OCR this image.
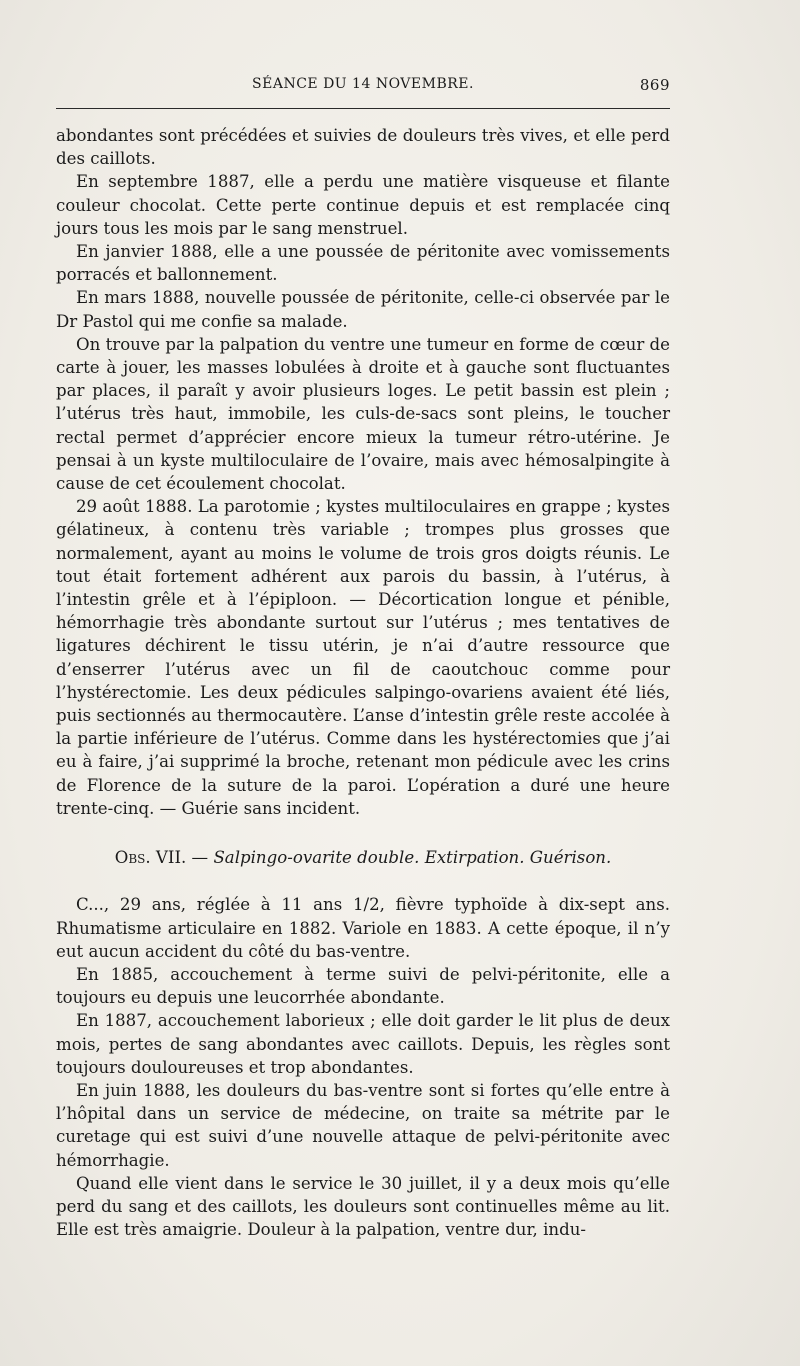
SÉANCE DU 14 NOVEMBRE.	869

abondantes sont précédées et suivies de douleurs très vives, et elle perd des caillots.

En septembre 1887, elle a perdu une matière visqueuse et filante couleur chocolat. Cette perte continue depuis et est remplacée cinq jours tous les mois par le sang menstruel.

En janvier 1888, elle a une poussée de péritonite avec vomissements porracés et ballonnement.

En mars 1888, nouvelle poussée de péritonite, celle-ci observée par le Dr Pastol qui me confie sa malade.

On trouve par la palpation du ventre une tumeur en forme de cœur de carte à jouer, les masses lobulées à droite et à gauche sont fluctuantes par places, il paraît y avoir plusieurs loges. Le petit bassin est plein ; l’utérus très haut, immobile, les culs-de-sacs sont pleins, le toucher rectal permet d’apprécier encore mieux la tumeur rétro-utérine. Je pensai à un kyste multiloculaire de l’ovaire, mais avec hémosalpingite à cause de cet écoulement chocolat.

29 août 1888. La parotomie ; kystes multiloculaires en grappe ; kystes gélatineux, à contenu très variable ; trompes plus grosses que normalement, ayant au moins le volume de trois gros doigts réunis. Le tout était fortement adhérent aux parois du bassin, à l’utérus, à l’intestin grêle et à l’épiploon. — Décortication longue et pénible, hémorrhagie très abondante surtout sur l’utérus ; mes tentatives de ligatures déchirent le tissu utérin, je n’ai d’autre ressource que d’enserrer l’utérus avec un fil de caoutchouc comme pour l’hystérectomie. Les deux pédicules salpingo-ovariens avaient été liés, puis sectionnés au thermocautère. L’anse d’intestin grêle reste accolée à la partie inférieure de l’utérus. Comme dans les hystérectomies que j’ai eu à faire, j’ai supprimé la broche, retenant mon pédicule avec les crins de Florence de la suture de la paroi. L’opération a duré une heure trente-cinq. — Guérie sans incident.

Obs. VII. — Salpingo-ovarite double. Extirpation. Guérison.

C..., 29 ans, réglée à 11 ans 1/2, fièvre typhoïde à dix-sept ans. Rhumatisme articulaire en 1882. Variole en 1883. A cette époque, il n’y eut aucun accident du côté du bas-ventre.

En 1885, accouchement à terme suivi de pelvi-péritonite, elle a toujours eu depuis une leucorrhée abondante.

En 1887, accouchement laborieux ; elle doit garder le lit plus de deux mois, pertes de sang abondantes avec caillots. Depuis, les règles sont toujours douloureuses et trop abondantes.

En juin 1888, les douleurs du bas-ventre sont si fortes qu’elle entre à l’hôpital dans un service de médecine, on traite sa métrite par le curetage qui est suivi d’une nouvelle attaque de pelvi-péritonite avec hémorrhagie.

Quand elle vient dans le service le 30 juillet, il y a deux mois qu’elle perd du sang et des caillots, les douleurs sont continuelles même au lit. Elle est très amaigrie. Douleur à la palpation, ventre dur, indu-
